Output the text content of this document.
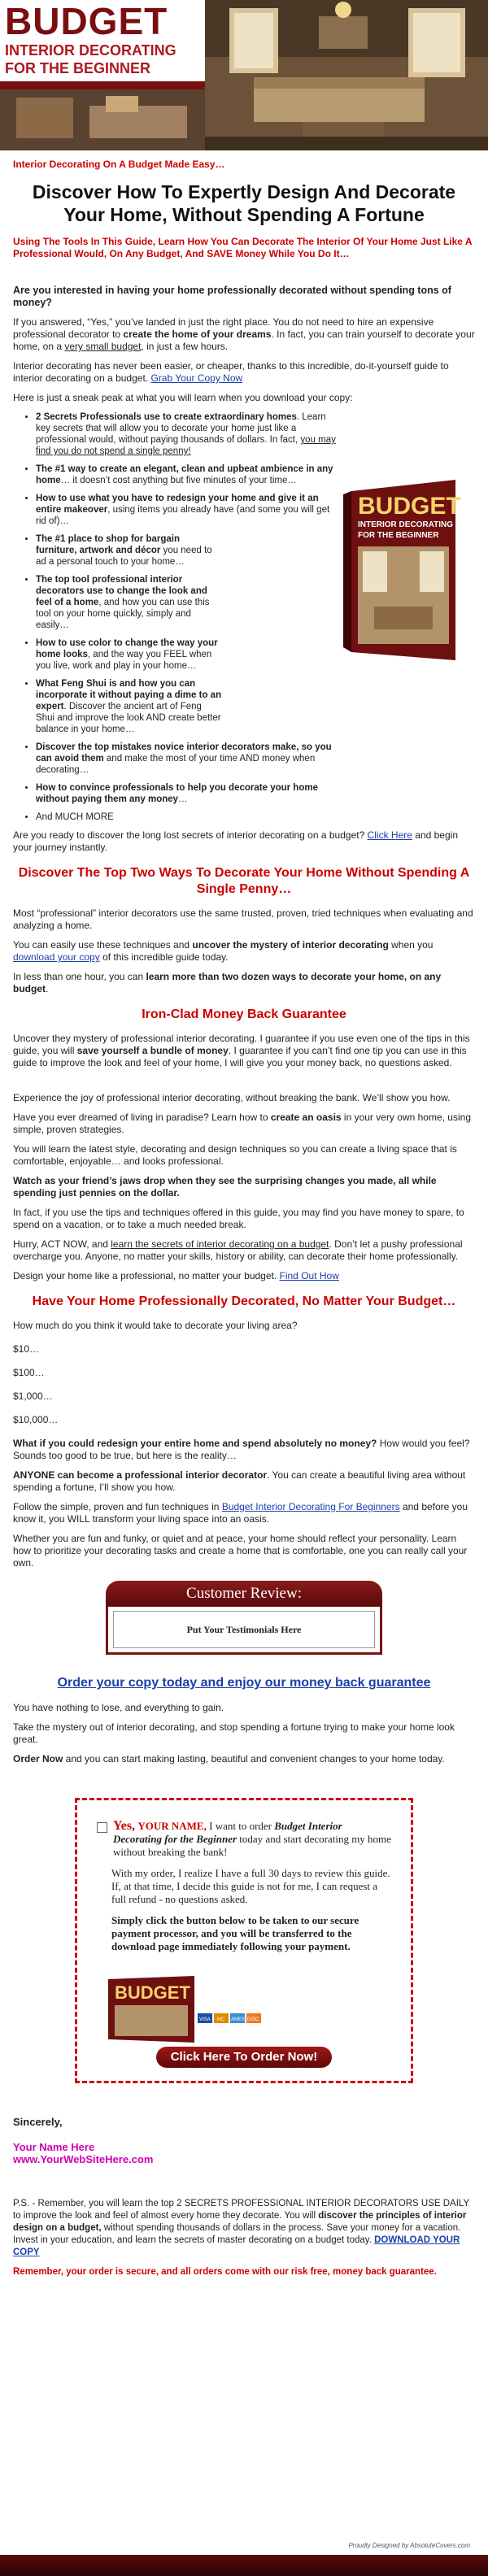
BUDGET
INTERIOR DECORATING
FOR THE BEGINNER

Interior Decorating On A Budget Made Easy…

Discover How To Expertly Design And Decorate Your Home, Without Spending A Fortune

Using The Tools In This Guide, Learn How You Can Decorate The Interior Of Your Home Just Like A Professional Would, On Any Budget, And SAVE Money While You Do It…

Are you interested in having your home professionally decorated without spending tons of money?

If you answered, “Yes,” you’ve landed in just the right place. You do not need to hire an expensive professional decorator to create the home of your dreams. In fact, you can train yourself to decorate your home, on a very small budget, in just a few hours.

Interior decorating has never been easier, or cheaper, thanks to this incredible, do-it-yourself guide to interior decorating on a budget. Grab Your Copy Now

Here is just a sneak peak at what you will learn when you download your copy:

BUDGET
INTERIOR DECORATING
FOR THE BEGINNER
• 2 Secrets Professionals use to create extraordinary homes. Learn key secrets that will allow you to decorate your home just like a professional would, without paying thousands of dollars. In fact, you may find you do not spend a single penny!
• The #1 way to create an elegant, clean and upbeat ambience in any home… it doesn’t cost anything but five minutes of your time…
• How to use what you have to redesign your home and give it an entire makeover, using items you already have (and some you will get rid of)…
• The #1 place to shop for bargain furniture, artwork and décor you need to ad a personal touch to your home…
• The top tool professional interior decorators use to change the look and feel of a home, and how you can use this tool on your home quickly, simply and easily…
• How to use color to change the way your home looks, and the way you FEEL when you live, work and play in your home…
• What Feng Shui is and how you can incorporate it without paying a dime to an expert. Discover the ancient art of Feng Shui and improve the look AND create better balance in your home…
• Discover the top mistakes novice interior decorators make, so you can avoid them and make the most of your time AND money when decorating…
• How to convince professionals to help you decorate your home without paying them any money…
• And MUCH MORE

Are you ready to discover the long lost secrets of interior decorating on a budget? Click Here and begin your journey instantly.

Discover The Top Two Ways To Decorate Your Home Without Spending A Single Penny…

Most “professional” interior decorators use the same trusted, proven, tried techniques when evaluating and analyzing a home.

You can easily use these techniques and uncover the mystery of interior decorating when you download your copy of this incredible guide today.

In less than one hour, you can learn more than two dozen ways to decorate your home, on any budget.

Iron-Clad Money Back Guarantee

Uncover they mystery of professional interior decorating. I guarantee if you use even one of the tips in this guide, you will save yourself a bundle of money. I guarantee if you can’t find one tip you can use in this guide to improve the look and feel of your home, I will give you your money back, no questions asked.

Experience the joy of professional interior decorating, without breaking the bank. We’ll show you how.

Have you ever dreamed of living in paradise? Learn how to create an oasis in your very own home, using simple, proven strategies.

You will learn the latest style, decorating and design techniques so you can create a living space that is comfortable, enjoyable… and looks professional.

Watch as your friend’s jaws drop when they see the surprising changes you made, all while spending just pennies on the dollar.

In fact, if you use the tips and techniques offered in this guide, you may find you have money to spare, to spend on a vacation, or to take a much needed break.

Hurry, ACT NOW, and learn the secrets of interior decorating on a budget. Don’t let a pushy professional overcharge you. Anyone, no matter your skills, history or ability, can decorate their home professionally.

Design your home like a professional, no matter your budget. Find Out How

Have Your Home Professionally Decorated, No Matter Your Budget…

How much do you think it would take to decorate your living area?

$10…

$100…

$1,000…

$10,000…

What if you could redesign your entire home and spend absolutely no money? How would you feel? Sounds too good to be true, but here is the reality…

ANYONE can become a professional interior decorator. You can create a beautiful living area without spending a fortune, I’ll show you how.

Follow the simple, proven and fun techniques in Budget Interior Decorating For Beginners and before you know it, you WILL transform your living space into an oasis.

Whether you are fun and funky, or quiet and at peace, your home should reflect your personality. Learn how to prioritize your decorating tasks and create a home that is comfortable, one you can really call your own.

Customer Review:
Put Your Testimonials Here
Order your copy today and enjoy our money back guarantee

You have nothing to lose, and everything to gain.

Take the mystery out of interior decorating, and stop spending a fortune trying to make your home look great.

Order Now and you can start making lasting, beautiful and convenient changes to your home today.

Yes, YOUR NAME, I want to order Budget Interior Decorating for the Beginner today and start decorating my home without breaking the bank!

With my order, I realize I have a full 30 days to review this guide. If, at that time, I decide this guide is not for me, I can request a full refund - no questions asked.

Simply click the button below to be taken to our secure payment processor, and you will be transferred to the download page immediately following your payment.

BUDGET
VISA MC AMEX DISC
Click Here To Order Now!

Sincerely,

Your Name Here

www.YourWebSiteHere.com

P.S. - Remember, you will learn the top 2 SECRETS PROFESSIONAL INTERIOR DECORATORS USE DAILY to improve the look and feel of almost every home they decorate. You will discover the principles of interior design on a budget, without spending thousands of dollars in the process. Save your money for a vacation. Invest in your education, and learn the secrets of master decorating on a budget today. DOWNLOAD YOUR COPY

Remember, your order is secure, and all orders come with our risk free, money back guarantee.

Proudly Designed by AbsoluteCovers.com
